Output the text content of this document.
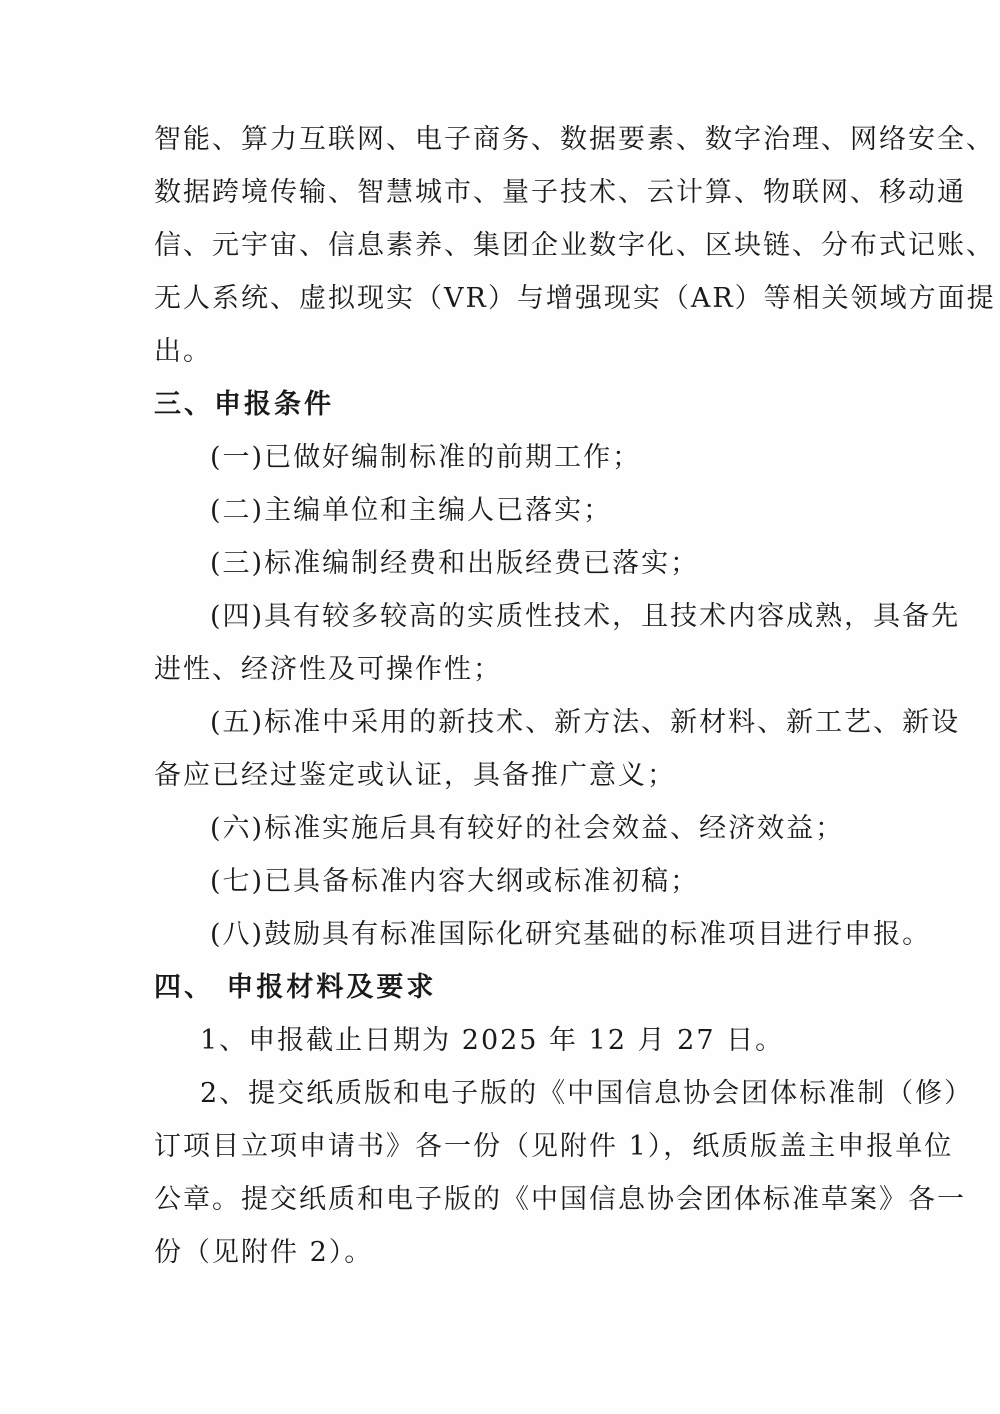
智能、算力互联网、电子商务、数据要素、数字治理、网络安全、
数据跨境传输、智慧城市、量子技术、云计算、物联网、移动通
信、元宇宙、信息素养、集团企业数字化、区块链、分布式记账、
无人系统、虚拟现实（VR）与增强现实（AR）等相关领域方面提
出。
三、申报条件
(一)已做好编制标准的前期工作；
(二)主编单位和主编人已落实；
(三)标准编制经费和出版经费已落实；
(四)具有较多较高的实质性技术，且技术内容成熟，具备先
进性、经济性及可操作性；
(五)标准中采用的新技术、新方法、新材料、新工艺、新设
备应已经过鉴定或认证，具备推广意义；
(六)标准实施后具有较好的社会效益、经济效益；
(七)已具备标准内容大纲或标准初稿；
(八)鼓励具有标准国际化研究基础的标准项目进行申报。
四、 申报材料及要求
1、申报截止日期为 2025 年 12 月 27 日。
2、提交纸质版和电子版的《中国信息协会团体标准制（修）
订项目立项申请书》各一份（见附件 1），纸质版盖主申报单位
公章。提交纸质和电子版的《中国信息协会团体标准草案》各一
份（见附件 2）。
